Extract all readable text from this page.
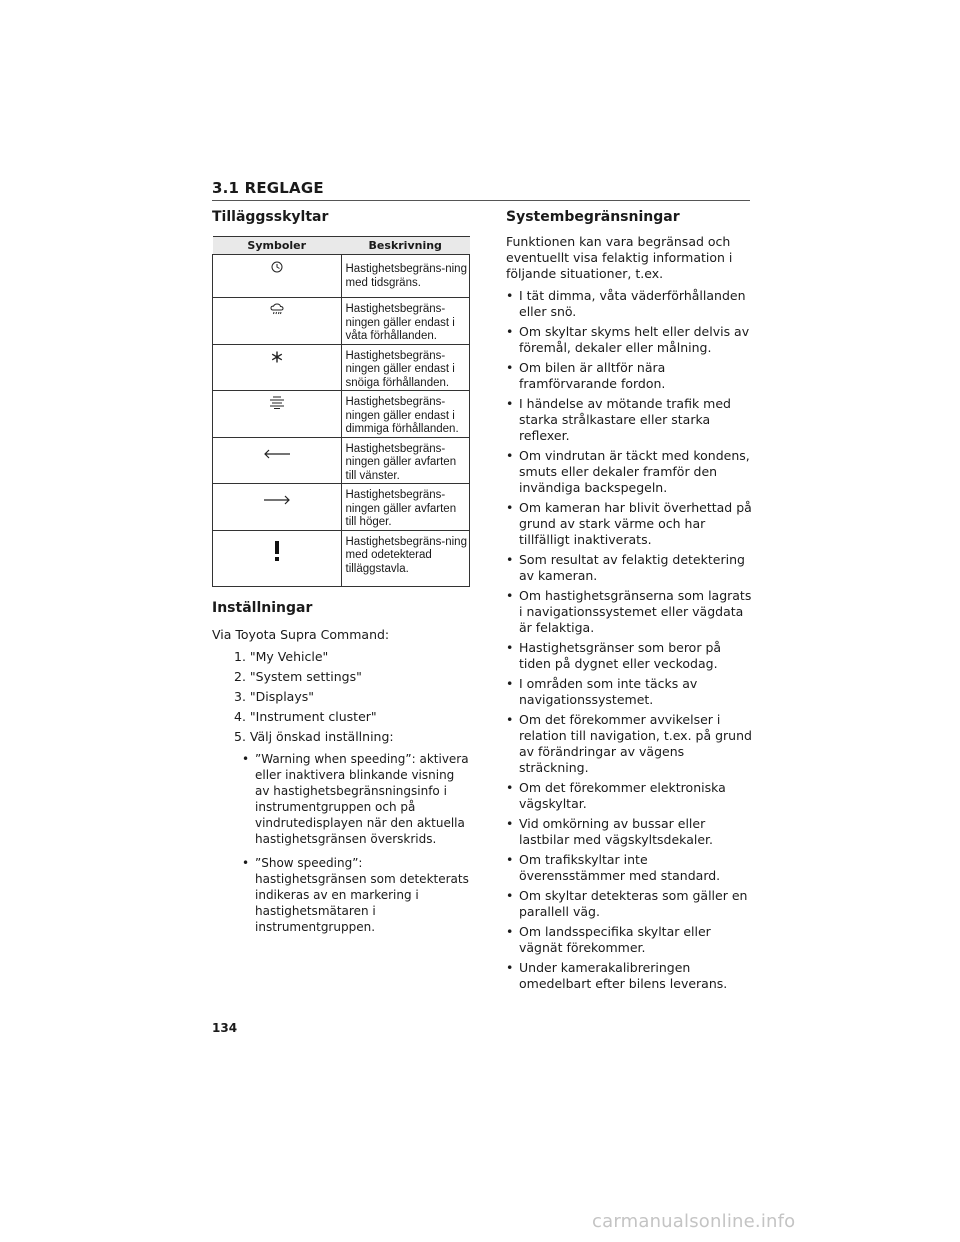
3.1 REGLAGE
Tilläggsskyltar
Symboler	Beskrivning
	Hastighetsbegräns-ning med tidsgräns.
	Hastighetsbegräns-ningen gäller endast i våta förhållanden.
	Hastighetsbegräns-ningen gäller endast i snöiga förhållanden.
	Hastighetsbegräns-ningen gäller endast i dimmiga förhållanden.
	Hastighetsbegräns-ningen gäller avfarten till vänster.
	Hastighetsbegräns-ningen gäller avfarten till höger.
	Hastighetsbegräns-ning med odetekterad tilläggstavla.
Inställningar

Via Toyota Supra Command:

1. "My Vehicle"
2. "System settings"
3. "Displays"
4. "Instrument cluster"
5. Välj önskad inställning:
• ”Warning when speeding”: aktivera eller inaktivera blinkande visning av hastighetsbegränsningsinfo i instrumentgruppen och på vindrutedisplayen när den aktuella hastighetsgränsen överskrids.
• ”Show speeding”: hastighetsgränsen som detekterats indikeras av en markering i hastighetsmätaren i instrumentgruppen.
Systembegränsningar

Funktionen kan vara begränsad och eventuellt visa felaktig information i följande situationer, t.ex.

• I tät dimma, våta väderförhållanden eller snö.
• Om skyltar skyms helt eller delvis av föremål, dekaler eller målning.
• Om bilen är alltför nära framförvarande fordon.
• I händelse av mötande trafik med starka strålkastare eller starka reflexer.
• Om vindrutan är täckt med kondens, smuts eller dekaler framför den invändiga backspegeln.
• Om kameran har blivit överhettad på grund av stark värme och har tillfälligt inaktiverats.
• Som resultat av felaktig detektering av kameran.
• Om hastighetsgränserna som lagrats i navigationssystemet eller vägdata är felaktiga.
• Hastighetsgränser som beror på tiden på dygnet eller veckodag.
• I områden som inte täcks av navigationssystemet.
• Om det förekommer avvikelser i relation till navigation, t.ex. på grund av förändringar av vägens sträckning.
• Om det förekommer elektroniska vägskyltar.
• Vid omkörning av bussar eller lastbilar med vägskyltsdekaler.
• Om trafikskyltar inte överensstämmer med standard.
• Om skyltar detekteras som gäller en parallell väg.
• Om landsspecifika skyltar eller vägnät förekommer.
• Under kamerakalibreringen omedelbart efter bilens leverans.
134
carmanualsonline.info
